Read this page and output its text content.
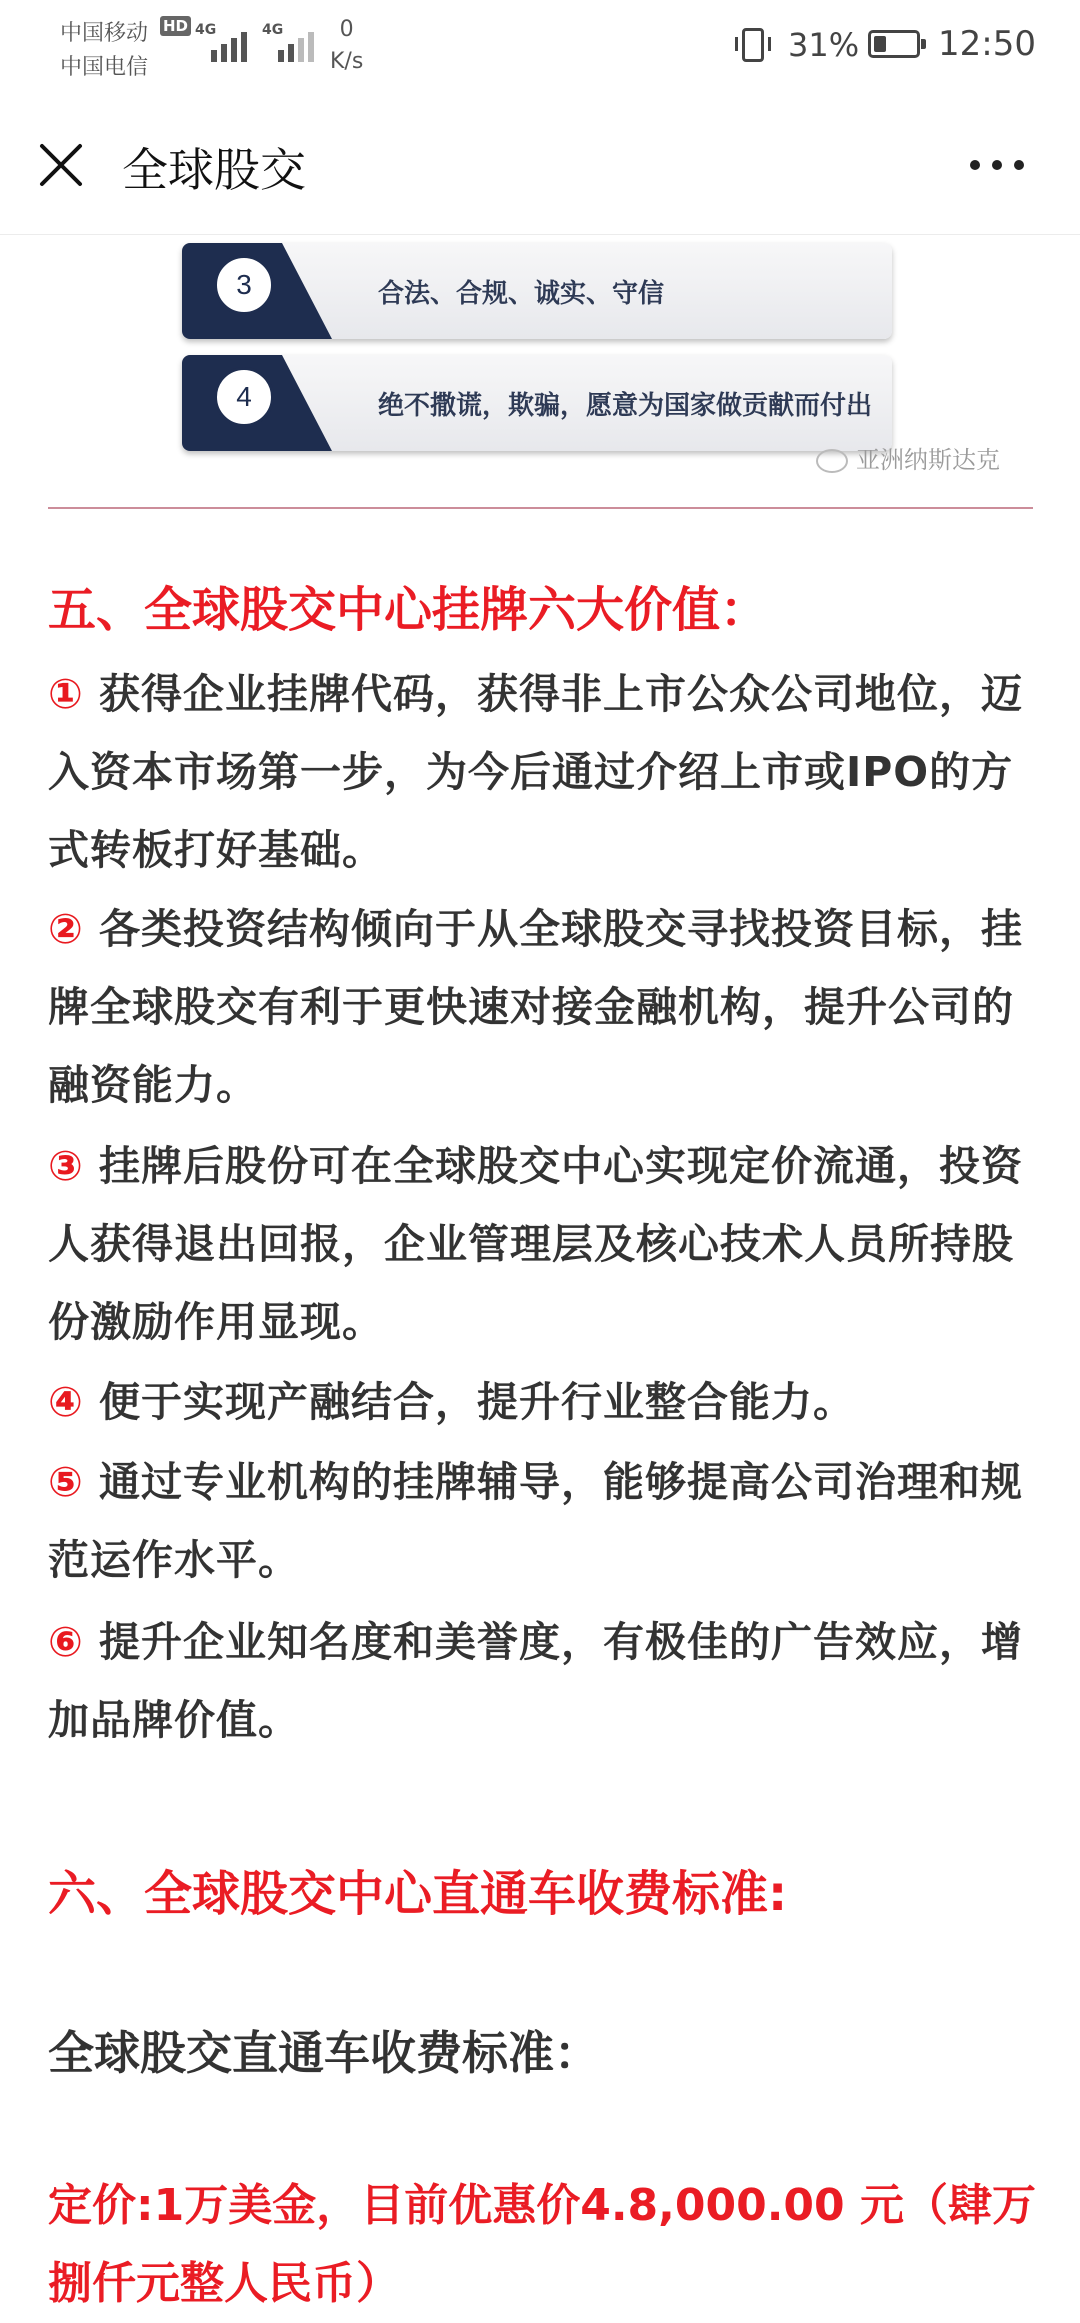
中国移动
中国电信
HD 4G	4G	0
K/s	31% 12:50
全球股交
3	合法、合规、诚实、守信
4	绝不撒谎，欺骗，愿意为国家做贡献而付出
亚洲纳斯达克
五、全球股交中心挂牌六大价值：
① 获得企业挂牌代码，获得非上市公众公司地位，迈入资本市场第一步，为今后通过介绍上市或IPO的方式转板打好基础。
② 各类投资结构倾向于从全球股交寻找投资目标，挂牌全球股交有利于更快速对接金融机构，提升公司的融资能力。
③ 挂牌后股份可在全球股交中心实现定价流通，投资人获得退出回报，企业管理层及核心技术人员所持股份激励作用显现。
④ 便于实现产融结合，提升行业整合能力。
⑤ 通过专业机构的挂牌辅导，能够提高公司治理和规范运作水平。
⑥ 提升企业知名度和美誉度，有极佳的广告效应，增加品牌价值。
六、全球股交中心直通车收费标准:
全球股交直通车收费标准：
定价:1万美金，目前优惠价4.8,000.00 元（肆万捌仟元整人民币）
